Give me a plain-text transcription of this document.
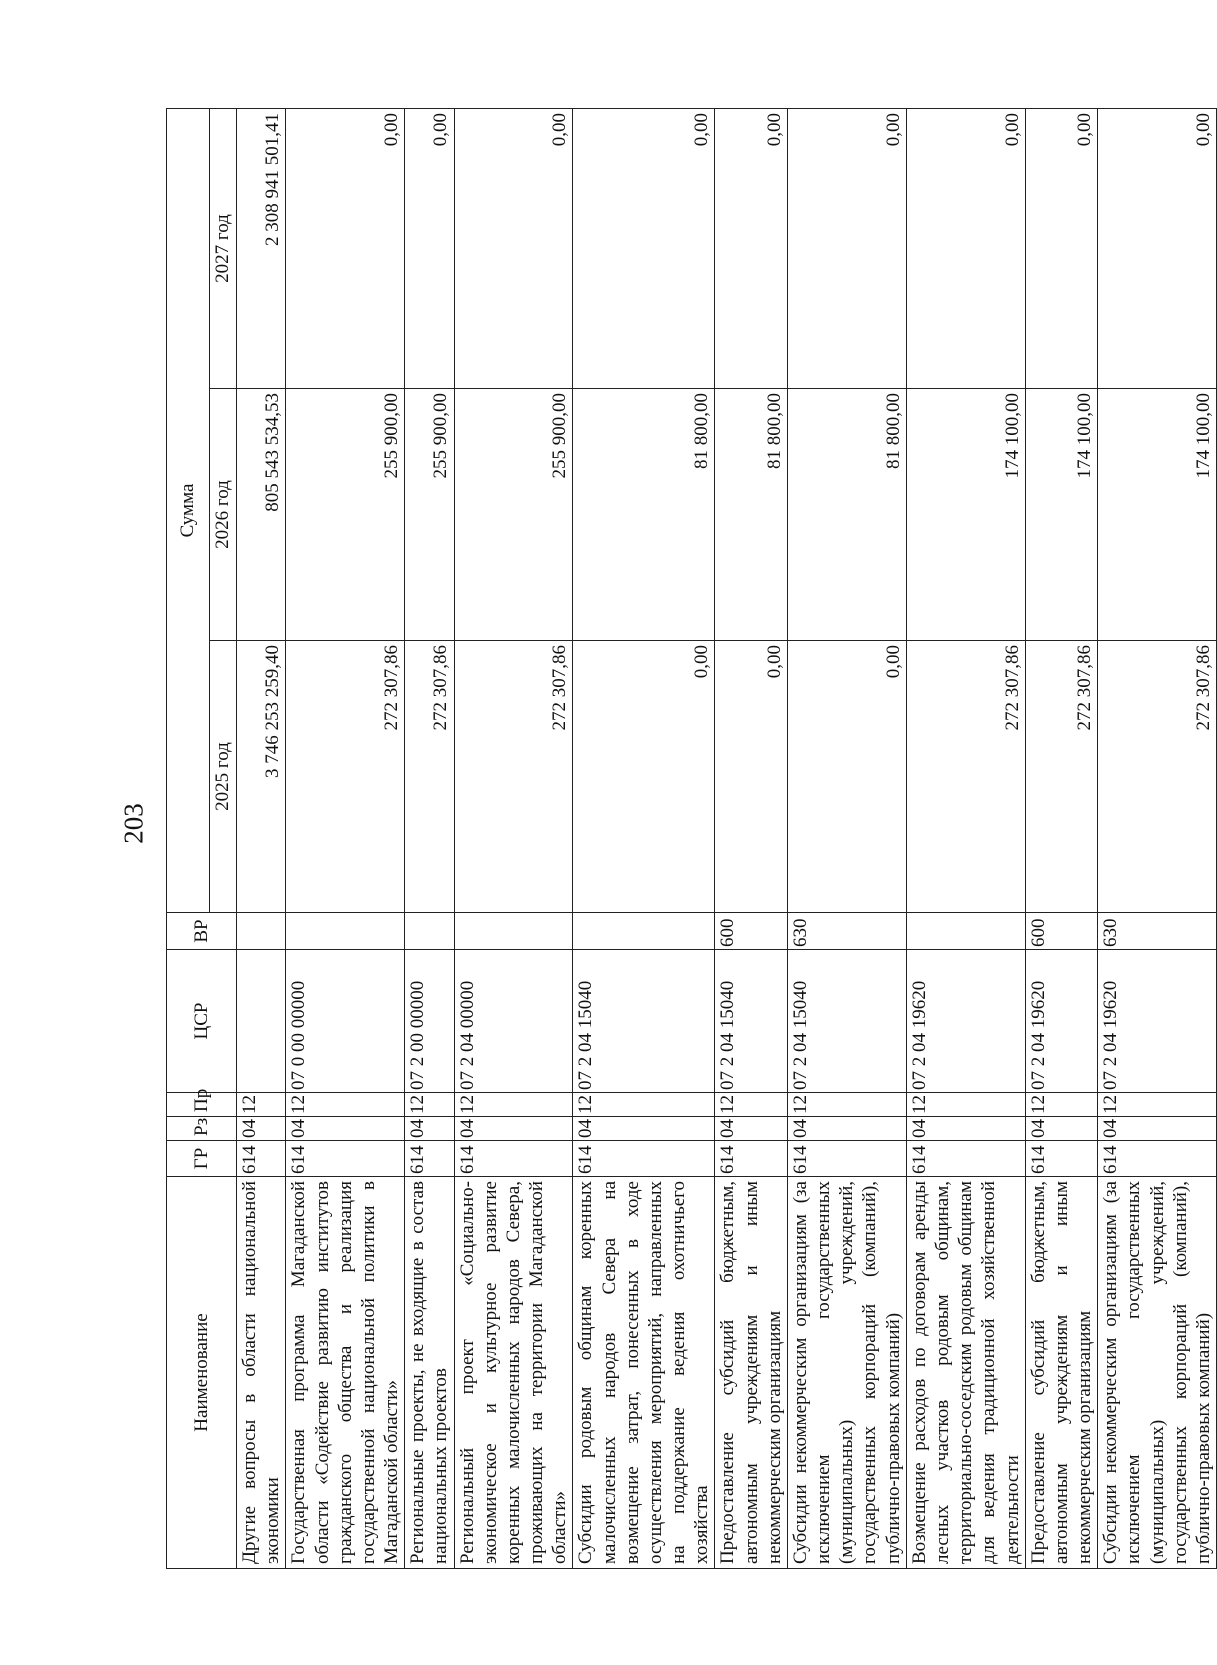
203
Наименование	ГР	Рз	Пр	ЦСР	ВР	Сумма		
						2025 год	2026 год	2027 год
Другие вопросы в области национальной экономики	614	04	12			3 746 253 259,40	805 543 534,53	2 308 941 501,41
Государственная программа Магаданской области «Содействие развитию институтов гражданского общества и реализация государственной национальной политики в Магаданской области»	614	04	12	07 0 00 00000		272 307,86	255 900,00	0,00
Региональные проекты, не входящие в состав национальных проектов	614	04	12	07 2 00 00000		272 307,86	255 900,00	0,00
Региональный проект «Социально-экономическое и культурное развитие коренных малочисленных народов Севера, проживающих на территории Магаданской области»	614	04	12	07 2 04 00000		272 307,86	255 900,00	0,00
Субсидии родовым общинам коренных малочисленных народов Севера на возмещение затрат, понесенных в ходе осуществления мероприятий, направленных на поддержание ведения охотничьего хозяйства	614	04	12	07 2 04 15040		0,00	81 800,00	0,00
Предоставление субсидий бюджетным, автономным учреждениям и иным некоммерческим организациям	614	04	12	07 2 04 15040	600	0,00	81 800,00	0,00
Субсидии некоммерческим организациям (за исключением государственных (муниципальных) учреждений, государственных корпораций (компаний), публично-правовых компаний)	614	04	12	07 2 04 15040	630	0,00	81 800,00	0,00
Возмещение расходов по договорам аренды лесных участков родовым общинам, территориально-соседским родовым общинам для ведения традиционной хозяйственной деятельности	614	04	12	07 2 04 19620		272 307,86	174 100,00	0,00
Предоставление субсидий бюджетным, автономным учреждениям и иным некоммерческим организациям	614	04	12	07 2 04 19620	600	272 307,86	174 100,00	0,00
Субсидии некоммерческим организациям (за исключением государственных (муниципальных) учреждений, государственных корпораций (компаний), публично-правовых компаний)	614	04	12	07 2 04 19620	630	272 307,86	174 100,00	0,00
